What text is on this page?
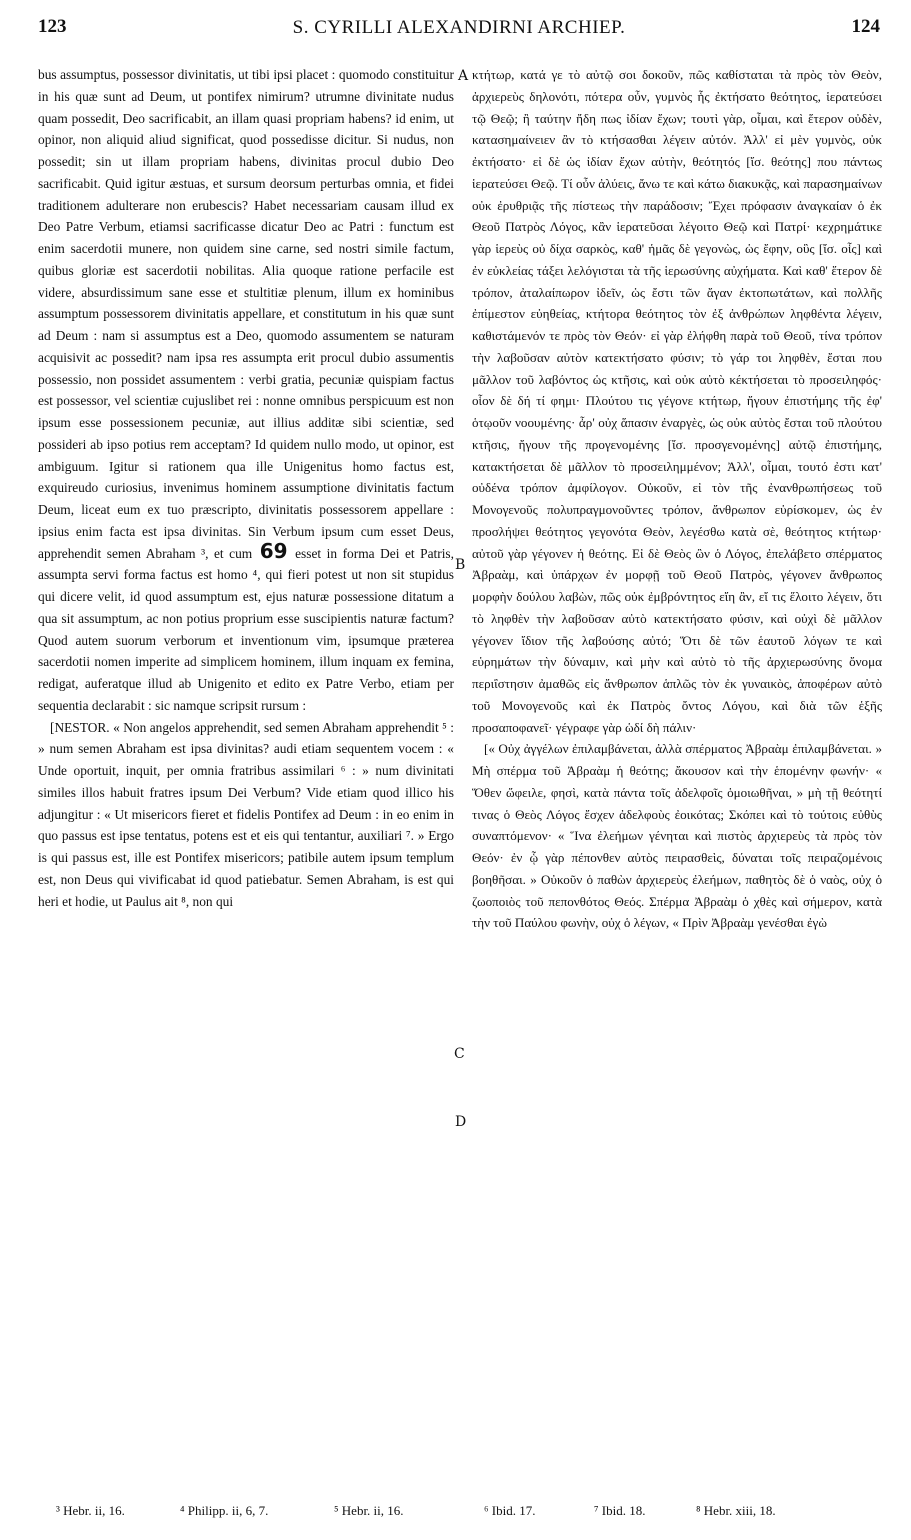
123	S. CYRILLI ALEXANDIRNI ARCHIEP.	124

bus assumptus, possessor divinitatis, ut tibi ipsi placet : quomodo constituitur in his quæ sunt ad Deum, ut pontifex nimirum? utrumne divinitate nudus quam possedit, Deo sacrificabit, an illam quasi propriam habens? id enim, ut opinor, non aliquid aliud significat, quod possedisse dicitur. Si nudus, non possedit; sin ut illam propriam habens, divinitas procul dubio Deo sacrificabit. Quid igitur æstuas, et sursum deorsum perturbas omnia, et fidei traditionem adulterare non erubescis? Habet necessariam causam illud ex Deo Patre Verbum, etiamsi sacrificasse dicatur Deo ac Patri : functum est enim sacerdotii munere, non quidem sine carne, sed nostri simile factum, quibus gloriæ est sacerdotii nobilitas. Alia quoque ratione perfacile est videre, absurdissimum sane esse et stultitiæ plenum, illum ex hominibus assumptum possessorem divinitatis appellare, et constitutum in his quæ sunt ad Deum : nam si assumptus est a Deo, quomodo assumentem se naturam acquisivit ac possedit? nam ipsa res assumpta erit procul dubio assumentis possessio, non possidet assumentem : verbi gratia, pecuniæ quispiam factus est possessor, vel scientiæ cujuslibet rei : nonne omnibus perspicuum est non ipsum esse possessionem pecuniæ, aut illius additæ sibi scientiæ, sed possideri ab ipso potius rem acceptam? Id quidem nullo modo, ut opinor, est ambiguum. Igitur si rationem qua ille Unigenitus homo factus est, exquireudo curiosius, invenimus hominem assumptione divinitatis factum Deum, liceat eum ex tuo præscripto, divinitatis possessorem appellare : ipsius enim facta est ipsa divinitas. Sin Verbum ipsum cum esset Deus, apprehendit semen Abraham ³, et cum 69 esset in forma Dei et Patris, assumpta servi forma factus est homo ⁴, qui fieri potest ut non sit stupidus qui dicere velit, id quod assumptum est, ejus naturæ possessione ditatum a qua sit assumptum, ac non potius proprium esse suscipientis naturæ factum? Quod autem suorum verborum et inventionum vim, ipsumque præterea sacerdotii nomen imperite ad simplicem hominem, illum inquam ex femina, redigat, auferatque illud ab Unigenito et edito ex Patre Verbo, etiam per sequentia declarabit : sic namque scripsit rursum :

[NESTOR. « Non angelos apprehendit, sed semen Abraham apprehendit ⁵ : » num semen Abraham est ipsa divinitas? audi etiam sequentem vocem : « Unde oportuit, inquit, per omnia fratribus assimilari ⁶ : » num divinitati similes illos habuit fratres ipsum Dei Verbum? Vide etiam quod illico his adjungitur : « Ut misericors fieret et fidelis Pontifex ad Deum : in eo enim in quo passus est ipse tentatus, potens est et eis qui tentantur, auxiliari ⁷. » Ergo is qui passus est, ille est Pontifex misericors; patibile autem ipsum templum est, non Deus qui vivificabat id quod patiebatur. Semen Abraham, is est qui heri et hodie, ut Paulus ait ⁸, non qui

A
B
C
D

κτήτωρ, κατά γε τὸ αὐτῷ σοι δοκοῦν, πῶς καθίσταται τὰ πρὸς τὸν Θεὸν, ἀρχιερεὺς δηλονότι, πότερα οὖν, γυμνὸς ἧς ἐκτήσατο θεότητος, ἱερατεύσει τῷ Θεῷ; ἢ ταύτην ἤδη πως ἰδίαν ἔχων; τουτὶ γὰρ, οἶμαι, καὶ ἕτερον οὐδὲν, κατασημαίνειεν ἂν τὸ κτήσασθαι λέγειν αὐτόν. Ἀλλ' εἰ μὲν γυμνὸς, οὐκ ἐκτήσατο· εἰ δὲ ὡς ἰδίαν ἔχων αὐτὴν, θεότητός [ἴσ. θεότης] που πάντως ἱερατεύσει Θεῷ. Τί οὖν ἀλύεις, ἄνω τε καὶ κάτω διακυκᾷς, καὶ παρασημαίνων οὐκ ἐρυθριᾷς τῆς πίστεως τὴν παράδοσιν; Ἔχει πρόφασιν ἀναγκαίαν ὁ ἐκ Θεοῦ Πατρὸς Λόγος, κἂν ἱερατεῦσαι λέγοιτο Θεῷ καὶ Πατρί· κεχρημάτικε γὰρ ἱερεὺς οὐ δίχα σαρκὸς, καθ' ἡμᾶς δὲ γεγονὼς, ὡς ἔφην, οὓς [ἴσ. οἷς] καὶ ἐν εὐκλείας τάξει λελόγισται τὰ τῆς ἱερωσύνης αὐχήματα. Καὶ καθ' ἕτερον δὲ τρόπον, ἀταλαίπωρον ἰδεῖν, ὡς ἔστι τῶν ἄγαν ἐκτοπωτάτων, καὶ πολλῆς ἐπίμεστον εὐηθείας, κτήτορα θεότητος τὸν ἐξ ἀνθρώπων ληφθέντα λέγειν, καθιστάμενόν τε πρὸς τὸν Θεόν· εἰ γὰρ ἐλήφθη παρὰ τοῦ Θεοῦ, τίνα τρόπον τὴν λαβοῦσαν αὐτὸν κατεκτήσατο φύσιν; τὸ γάρ τοι ληφθὲν, ἔσται που μᾶλλον τοῦ λαβόντος ὡς κτῆσις, καὶ οὐκ αὐτὸ κέκτήσεται τὸ προσειληφός· οἷον δὲ δή τί φημι· Πλούτου τις γέγονε κτήτωρ, ἤγουν ἐπιστήμης τῆς ἐφ' ὁτῳοῦν νοουμένης· ἆρ' οὐχ ἅπασιν ἐναργὲς, ὡς οὐκ αὐτὸς ἔσται τοῦ πλούτου κτῆσις, ἤγουν τῆς προγενομένης [ἴσ. προσγενομένης] αὐτῷ ἐπιστήμης, κατακτήσεται δὲ μᾶλλον τὸ προσειλημμένον; Ἀλλ', οἶμαι, τουτό ἐστι κατ' οὐδένα τρόπον ἀμφίλογον. Οὐκοῦν, εἰ τὸν τῆς ἐνανθρωπήσεως τοῦ Μονογενοῦς πολυπραγμονοῦντες τρόπον, ἄνθρωπον εὑρίσκομεν, ὡς ἐν προσλήψει θεότητος γεγονότα Θεὸν, λεγέσθω κατὰ σὲ, θεότητος κτήτωρ· αὐτοῦ γὰρ γέγονεν ἡ θεότης. Εἰ δὲ Θεὸς ὢν ὁ Λόγος, ἐπελάβετο σπέρματος Ἀβραὰμ, καὶ ὑπάρχων ἐν μορφῇ τοῦ Θεοῦ Πατρὸς, γέγονεν ἄνθρωπος μορφὴν δούλου λαβὼν, πῶς οὐκ ἐμβρόντητος εἴη ἂν, εἴ τις ἕλοιτο λέγειν, ὅτι τὸ ληφθὲν τὴν λαβοῦσαν αὐτὸ κατεκτήσατο φύσιν, καὶ οὐχὶ δὲ μᾶλλον γέγονεν ἴδιον τῆς λαβούσης αὐτό; Ὅτι δὲ τῶν ἑαυτοῦ λόγων τε καὶ εὑρημάτων τὴν δύναμιν, καὶ μὴν καὶ αὐτὸ τὸ τῆς ἀρχιερωσύνης ὄνομα περιΐστησιν ἀμαθῶς εἰς ἄνθρωπον ἁπλῶς τὸν ἐκ γυναικὸς, ἀποφέρων αὐτὸ τοῦ Μονογενοῦς καὶ ἐκ Πατρὸς ὄντος Λόγου, καὶ διὰ τῶν ἑξῆς προσαποφανεῖ· γέγραφε γὰρ ὡδί δὴ πάλιν·

[« Οὐχ ἀγγέλων ἐπιλαμβάνεται, ἀλλὰ σπέρματος Ἀβραὰμ ἐπιλαμβάνεται. » Μὴ σπέρμα τοῦ Ἀβραὰμ ἡ θεότης; ἄκουσον καὶ τὴν ἑπομένην φωνήν· « Ὅθεν ὤφειλε, φησὶ, κατὰ πάντα τοῖς ἀδελφοῖς ὁμοιωθῆναι, » μὴ τῇ θεότητί τινας ὁ Θεὸς Λόγος ἔσχεν ἀδελφοὺς ἐοικότας; Σκόπει καὶ τὸ τούτοις εὐθὺς συναπτόμενον· « Ἵνα ἐλεήμων γένηται καὶ πιστὸς ἀρχιερεὺς τὰ πρὸς τὸν Θεόν· ἐν ᾧ γὰρ πέπονθεν αὐτὸς πειρασθεὶς, δύναται τοῖς πειραζομένοις βοηθῆσαι. » Οὐκοῦν ὁ παθὼν ἀρχιερεὺς ἐλεήμων, παθητὸς δὲ ὁ ναὸς, οὐχ ὁ ζωοποιὸς τοῦ πεπονθότος Θεός. Σπέρμα Ἀβραὰμ ὁ χθὲς καὶ σήμερον, κατὰ τὴν τοῦ Παύλου φωνὴν, οὐχ ὁ λέγων, « Πρὶν Ἀβραὰμ γενέσθαι ἐγὼ

³ Hebr. ii, 16.	⁴ Philipp. ii, 6, 7.	⁵ Hebr. ii, 16.	⁶ Ibid. 17.	⁷ Ibid. 18.	⁸ Hebr. xiii, 18.
